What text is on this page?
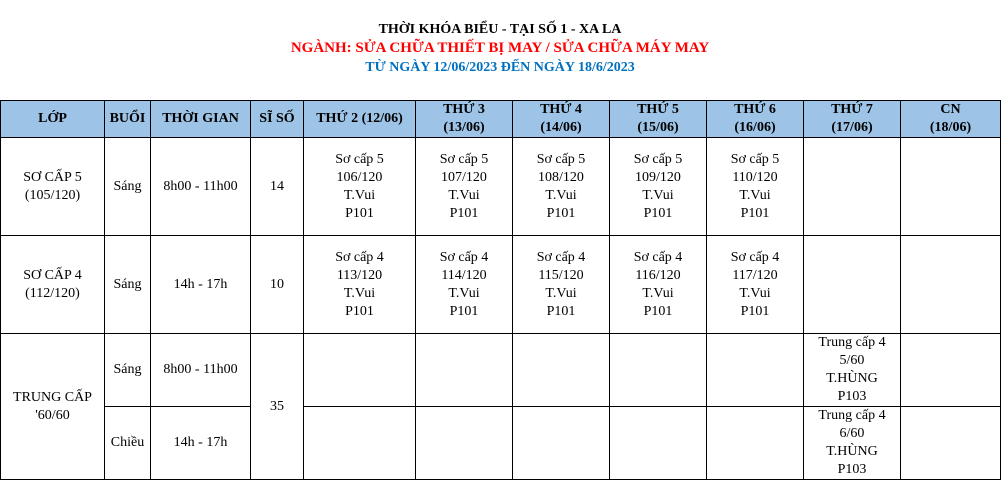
THỜI KHÓA BIỂU - TẠI SỐ 1 - XA LA
NGÀNH: SỬA CHỮA THIẾT BỊ MAY / SỬA CHỮA MÁY MAY
TỪ NGÀY 12/06/2023 ĐẾN NGÀY 18/6/2023
LỚP	BUỔI	THỜI GIAN	SĨ SỐ	THỨ 2 (12/06)	THỨ 3
(13/06)	THỨ 4
(14/06)	THỨ 5
(15/06)	THỨ 6
(16/06)	THỨ 7
(17/06)	CN
(18/06)
SƠ CẤP 5
(105/120)	Sáng	8h00 - 11h00	14	Sơ cấp 5
106/120
T.Vui
P101	Sơ cấp 5
107/120
T.Vui
P101	Sơ cấp 5
108/120
T.Vui
P101	Sơ cấp 5
109/120
T.Vui
P101	Sơ cấp 5
110/120
T.Vui
P101		
SƠ CẤP 4
(112/120)	Sáng	14h - 17h	10	Sơ cấp 4
113/120
T.Vui
P101	Sơ cấp 4
114/120
T.Vui
P101	Sơ cấp 4
115/120
T.Vui
P101	Sơ cấp 4
116/120
T.Vui
P101	Sơ cấp 4
117/120
T.Vui
P101		
TRUNG CẤP
'60/60	Sáng	8h00 - 11h00	35						Trung cấp 4
5/60
T.HÙNG
P103	
	Chiều	14h - 17h							Trung cấp 4
6/60
T.HÙNG
P103	
